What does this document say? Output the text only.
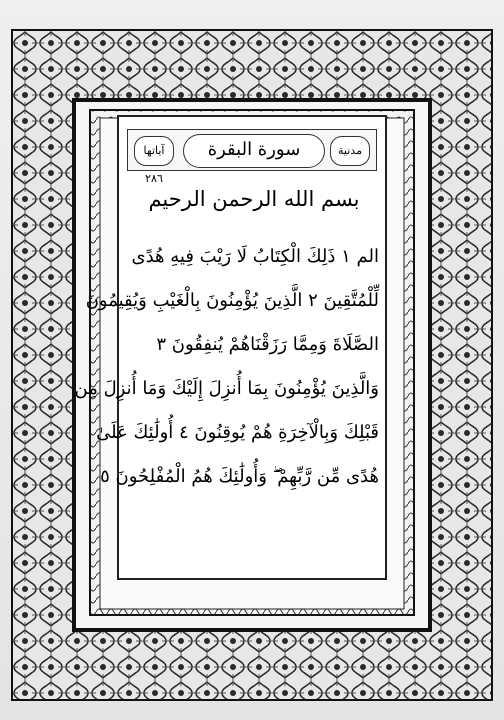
آياتها ٢٨٦
سورة البقرة	مدنية
بسم الله الرحمن الرحيم
الم ١ ذَلِكَ الْكِتَابُ لَا رَيْبَ فِيهِ هُدًى
لِّلْمُتَّقِينَ ٢ الَّذِينَ يُؤْمِنُونَ بِالْغَيْبِ وَيُقِيمُونَ
الصَّلَاةَ وَمِمَّا رَزَقْنَاهُمْ يُنفِقُونَ ٣
وَالَّذِينَ يُؤْمِنُونَ بِمَا أُنزِلَ إِلَيْكَ وَمَا أُنزِلَ مِن
قَبْلِكَ وَبِالْآخِرَةِ هُمْ يُوقِنُونَ ٤ أُولَٰئِكَ عَلَىٰ
هُدًى مِّن رَّبِّهِمْ ۖ وَأُولَٰئِكَ هُمُ الْمُفْلِحُونَ ٥
